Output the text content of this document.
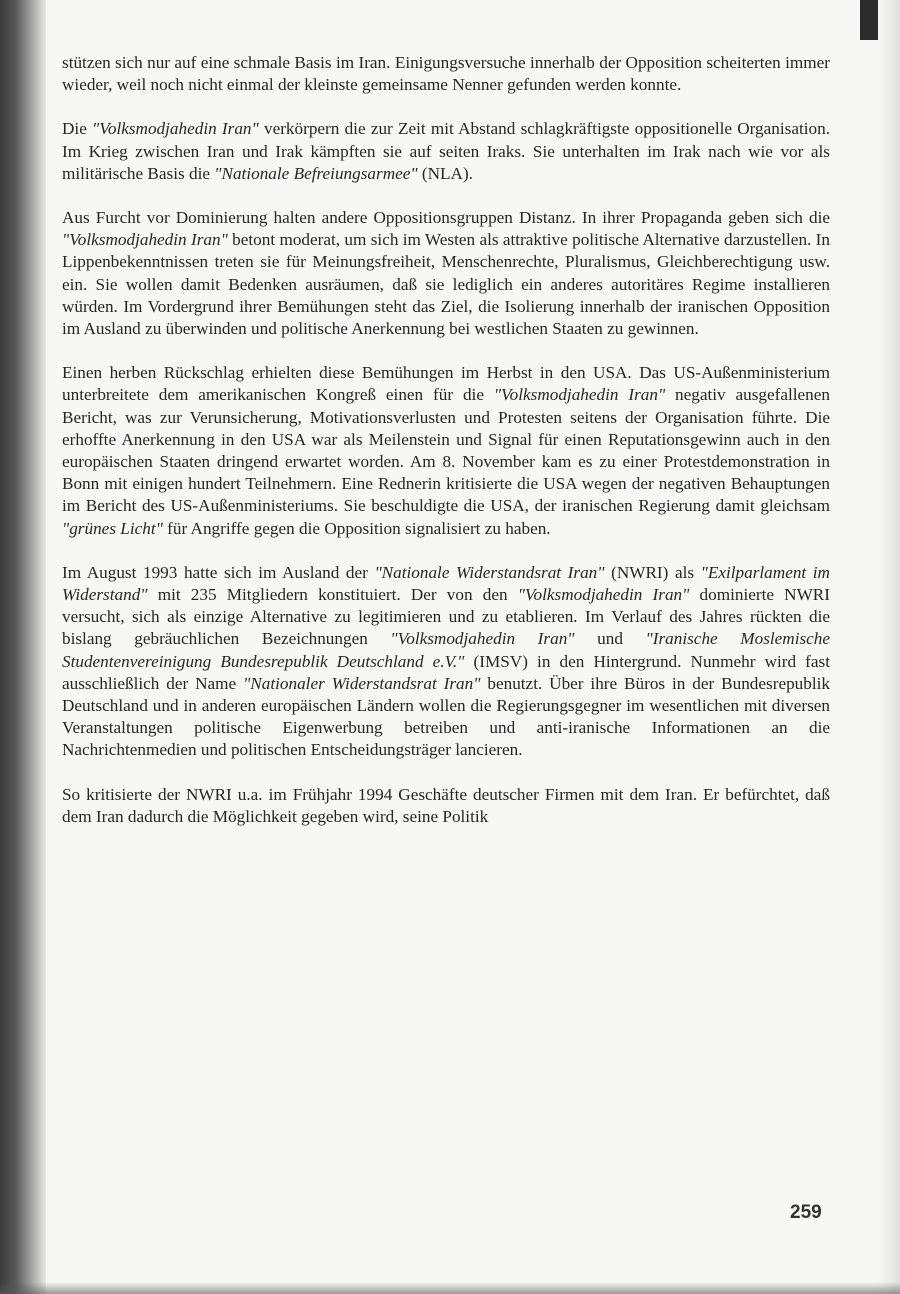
stützen sich nur auf eine schmale Basis im Iran. Einigungsversuche innerhalb der Opposition scheiterten immer wieder, weil noch nicht einmal der kleinste gemeinsame Nenner gefunden werden konnte.

Die "Volksmodjahedin Iran" verkörpern die zur Zeit mit Abstand schlagkräftigste oppositionelle Organisation. Im Krieg zwischen Iran und Irak kämpften sie auf seiten Iraks. Sie unterhalten im Irak nach wie vor als militärische Basis die "Nationale Befreiungsarmee" (NLA).

Aus Furcht vor Dominierung halten andere Oppositionsgruppen Distanz. In ihrer Propaganda geben sich die "Volksmodjahedin Iran" betont moderat, um sich im Westen als attraktive politische Alternative darzustellen. In Lippenbekenntnissen treten sie für Meinungsfreiheit, Menschenrechte, Pluralismus, Gleichberechtigung usw. ein. Sie wollen damit Bedenken ausräumen, daß sie lediglich ein anderes autoritäres Regime installieren würden. Im Vordergrund ihrer Bemühungen steht das Ziel, die Isolierung innerhalb der iranischen Opposition im Ausland zu überwinden und politische Anerkennung bei westlichen Staaten zu gewinnen.

Einen herben Rückschlag erhielten diese Bemühungen im Herbst in den USA. Das US-Außenministerium unterbreitete dem amerikanischen Kongreß einen für die "Volksmodjahedin Iran" negativ ausgefallenen Bericht, was zur Verunsicherung, Motivationsverlusten und Protesten seitens der Organisation führte. Die erhoffte Anerkennung in den USA war als Meilenstein und Signal für einen Reputationsgewinn auch in den europäischen Staaten dringend erwartet worden. Am 8. November kam es zu einer Protestdemonstration in Bonn mit einigen hundert Teilnehmern. Eine Rednerin kritisierte die USA wegen der negativen Behauptungen im Bericht des US-Außenministeriums. Sie beschuldigte die USA, der iranischen Regierung damit gleichsam "grünes Licht" für Angriffe gegen die Opposition signalisiert zu haben.

Im August 1993 hatte sich im Ausland der "Nationale Widerstandsrat Iran" (NWRI) als "Exilparlament im Widerstand" mit 235 Mitgliedern konstituiert. Der von den "Volksmodjahedin Iran" dominierte NWRI versucht, sich als einzige Alternative zu legitimieren und zu etablieren. Im Verlauf des Jahres rückten die bislang gebräuchlichen Bezeichnungen "Volksmodjahedin Iran" und "Iranische Moslemische Studentenvereinigung Bundesrepublik Deutschland e.V." (IMSV) in den Hintergrund. Nunmehr wird fast ausschließlich der Name "Nationaler Widerstandsrat Iran" benutzt. Über ihre Büros in der Bundesrepublik Deutschland und in anderen europäischen Ländern wollen die Regierungsgegner im wesentlichen mit diversen Veranstaltungen politische Eigenwerbung betreiben und anti-iranische Informationen an die Nachrichtenmedien und politischen Entscheidungsträger lancieren.

So kritisierte der NWRI u.a. im Frühjahr 1994 Geschäfte deutscher Firmen mit dem Iran. Er befürchtet, daß dem Iran dadurch die Möglichkeit gegeben wird, seine Politik

259
